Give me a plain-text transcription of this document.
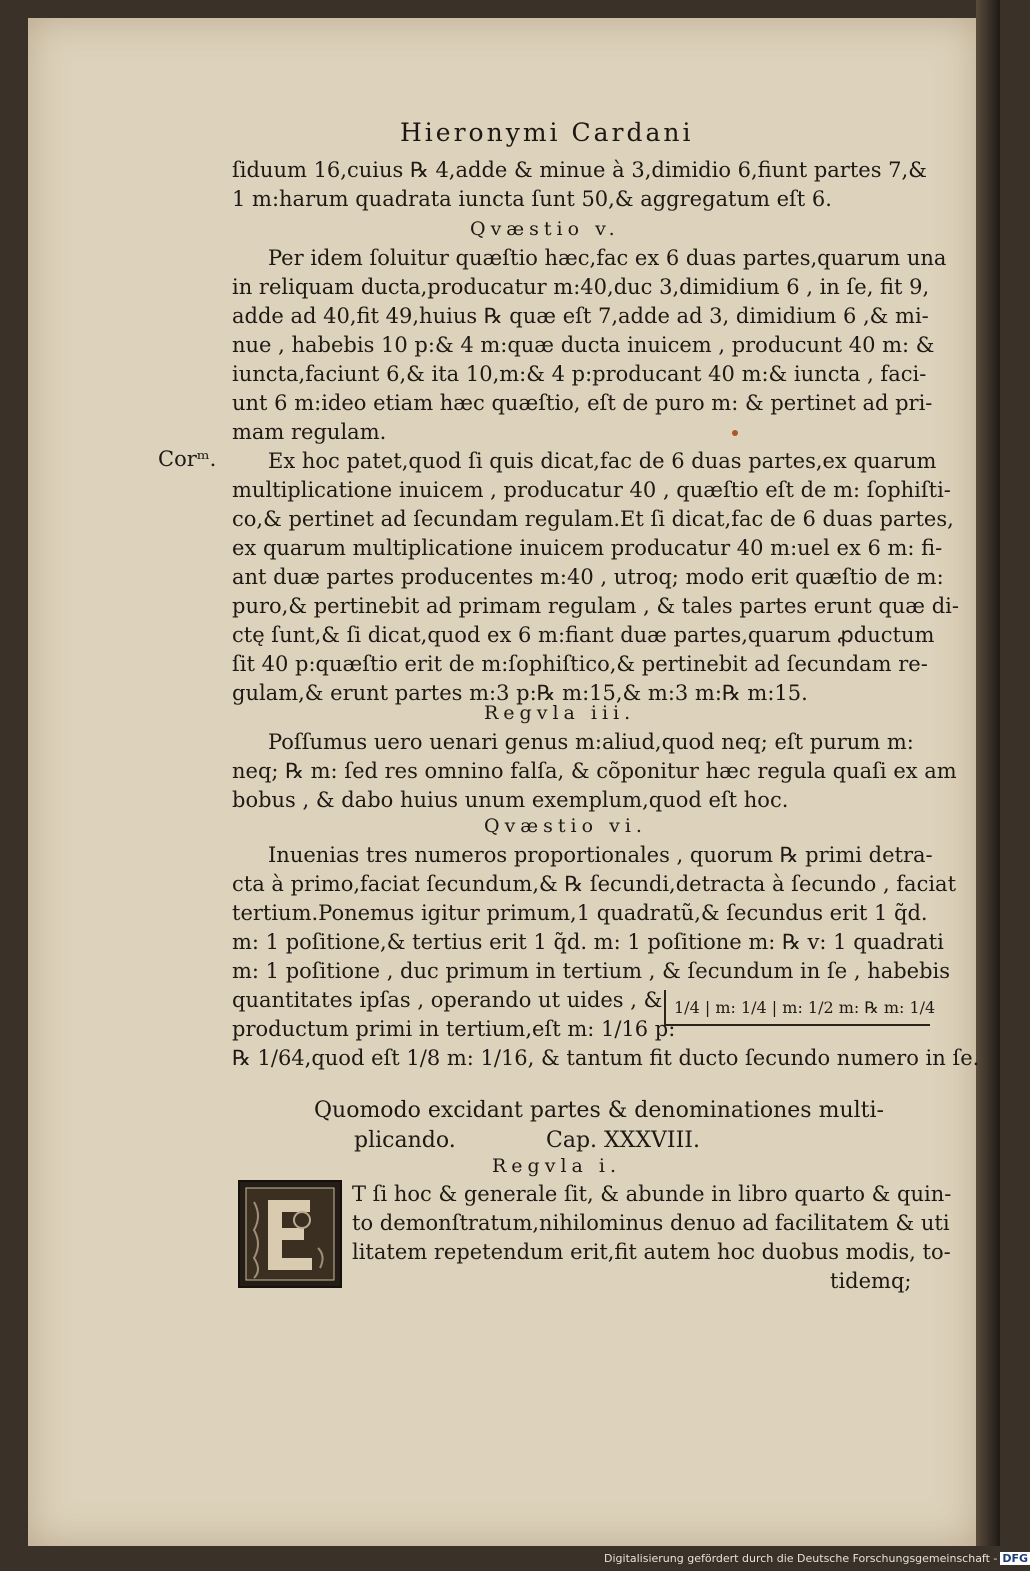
Hieronymi Cardani
ſiduum 16,cuius ℞ 4,adde & minue à 3,dimidio 6,fiunt partes 7,&
1 m:harum quadrata iuncta ſunt 50,& aggregatum eſt 6.
Qvæstio v.
Per idem ſoluitur quæſtio hæc,fac ex 6 duas partes,quarum una
in reliquam ducta,producatur m:40,duc 3,dimidium 6 , in ſe, fit 9,
adde ad 40,fit 49,huius ℞ quæ eſt 7,adde ad 3, dimidium 6 ,& mi-
nue , habebis 10 p:& 4 m:quæ ducta inuicem , producunt 40 m: &
iuncta,faciunt 6,& ita 10,m:& 4 p:producant 40 m:& iuncta , faci-
unt 6 m:ideo etiam hæc quæſtio, eſt de puro m: & pertinet ad pri-
mam regulam.
Corᵐ. Ex hoc patet,quod ſi quis dicat,fac de 6 duas partes,ex quarum
multiplicatione inuicem , producatur 40 , quæſtio eſt de m: ſophiſti-
co,& pertinet ad ſecundam regulam.Et ſi dicat,fac de 6 duas partes,
ex quarum multiplicatione inuicem producatur 40 m:uel ex 6 m: fi-
ant duæ partes producentes m:40 , utroq; modo erit quæſtio de m:
puro,& pertinebit ad primam regulam , & tales partes erunt quæ di-
ctę ſunt,& ſi dicat,quod ex 6 m:fiant duæ partes,quarum ꝓductum
ſit 40 p:quæſtio erit de m:ſophiſtico,& pertinebit ad ſecundam re-
gulam,& erunt partes m:3 p:℞ m:15,& m:3 m:℞ m:15.
Regvla iii.
Poſſumus uero uenari genus m:aliud,quod neq; eſt purum m:
neq; ℞ m: ſed res omnino falſa, & cõponitur hæc regula quaſi ex am
bobus , & dabo huius unum exemplum,quod eſt hoc.
Qvæstio vi.
Inuenias tres numeros proportionales , quorum ℞ primi detra-
cta à primo,faciat ſecundum,& ℞ ſecundi,detracta à ſecundo , faciat
tertium.Ponemus igitur primum,1 quadratũ,& ſecundus erit 1 q̃d.
m: 1 poſitione,& tertius erit 1 q̃d. m: 1 poſitione m: ℞ v: 1 quadrati
m: 1 poſitione , duc primum in tertium , & ſecundum in ſe , habebis
quantitates ipſas , operando ut uides , &
productum primi in tertium,eſt m: 1/16 p:
℞ 1/64,quod eſt 1/8 m: 1/16, & tantum fit ducto ſecundo numero in ſe.
1/4 | m: 1/4 | m: 1/2 m: ℞ m: 1/4
Quomodo excidant partes & denominationes multi-
plicando.	Cap. XXXVIII.
Regvla i.
T ſi hoc & generale ſit, & abunde in libro quarto & quin-
to demonſtratum,nihilominus denuo ad facilitatem & uti
litatem repetendum erit,fit autem hoc duobus modis, to-
tidemq;
Digitalisierung gefördert durch die Deutsche Forschungsgemeinschaft - DFG
